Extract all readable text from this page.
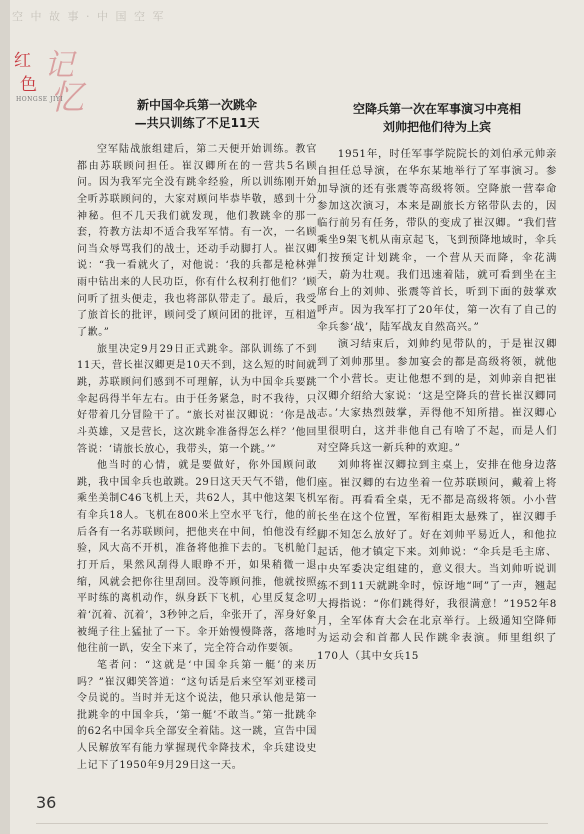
空 中 故 事 · 中 国 空 军
红
色
记
忆
HONGSE JIYI	新中国伞兵第一次跳伞
—共只训练了不足11天

空军陆战旅组建后，第二天便开始训练。教官都由苏联顾问担任。崔汉卿所在的一营共5名顾问。因为我军完全没有跳伞经验，所以训练刚开始全听苏联顾问的，大家对顾问毕恭毕敬，感到十分神秘。但不几天我们就发现，他们教跳伞的那一套，符教方法却不适合我军军情。有一次，一名顾问当众辱骂我们的战士，还动手动脚打人。崔汉卿说：“我一看就火了，对他说：‘我的兵都是枪林弹雨中钻出来的人民功臣，你有什么权利打他们？’顾问听了扭头便走，我也将部队带走了。最后，我受了旅首长的批评，顾问受了顾问团的批评，互相道了歉。”

旅里决定9月29日正式跳伞。部队训练了不到11天，营长崔汉卿更是10天不到，这么短的时间就跳，苏联顾问们感到不可理解，认为中国伞兵要跳伞起码得半年左右。由于任务紧急，时不我待，只好带着几分冒险干了。“旅长对崔汉卿说：‘你是战斗英雄，又是营长，这次跳伞准备得怎么样？’他回答说：‘请旅长放心，我带头，第一个跳。’”

他当时的心情，就是要做好，你外国顾问敢跳，我中国伞兵也敢跳。29日这天天气不错，他们乘坐美制C46飞机上天，共62人，其中他这架飞机有伞兵18人。飞机在800米上空水平飞行，他的前后各有一名苏联顾问，把他夹在中间，怕他没有经验，风大高不开机，准备将他推下去的。飞机舱门打开后，果然风刮得人眼睁不开，如果稍微一退缩，风就会把你往里刮回。没等顾问推，他就按照平时练的离机动作，纵身跃下飞机，心里反复念叨着‘沉着、沉着’，3秒钟之后，伞张开了，浑身好象被绳子往上猛扯了一下。伞开始慢慢降落，落地时他往前一趴，安全下来了，完全符合动作要领。

笔者问：“这就是‘中国伞兵第一艇’的来历吗？”崔汉卿笑答道：“这句话是后来空军刘亚楼司令员说的。当时并无这个说法，他只承认他是第一批跳伞的中国伞兵，‘第一艇’不敢当。”第一批跳伞的62名中国伞兵全部安全着陆。这一跳，宣告中国人民解放军有能力掌握现代伞降技术，伞兵建设史上记下了1950年9月29日这一天。

空降兵第一次在军事演习中亮相
刘帅把他们待为上宾

1951年，时任军事学院院长的刘伯承元帅亲自担任总导演，在华东某地举行了军事演习。参加导演的还有张震等高级将领。空降旅一营奉命参加这次演习，本来是副旅长方铭带队去的，因临行前另有任务，带队的变成了崔汉卿。“我们营乘坐9架飞机从南京起飞，飞到预降地域时，伞兵们按预定计划跳伞，一个营从天而降，伞花满天，蔚为壮观。我们迅速着陆，就可看到坐在主席台上的刘帅、张震等首长，听到下面的鼓掌欢呼声。因为我军打了20年仗，第一次有了自己的伞兵参‘战’，陆军战友自然高兴。”

演习结束后，刘帅约见带队的，于是崔汉卿到了刘帅那里。参加宴会的都是高级将领，就他一个小营长。吏让他想不到的是，刘帅亲自把崔汉卿介绍给大家说：‘这是空降兵的营长崔汉卿同志。’大家热烈鼓掌，弄得他不知所措。崔汉卿心里很明白，这并非他自己有啥了不起，而是人们对空降兵这一新兵种的欢迎。”

刘帅将崔汉卿拉到主桌上，安排在他身边落座。崔汉卿的右边坐着一位苏联顾问，戴着上将军衔。再看看全桌，无不都是高级将领。小小营长坐在这个位置，军衔相距太悬殊了，崔汉卿手脚不知怎么放好了。好在刘帅平易近人，和他拉起话，他才镇定下来。刘帅说：“伞兵是毛主席、中央军委决定组建的，意义很大。当刘帅听说训练不到11天就跳伞时，惊讶地“呵”了一声，翘起大拇指说：“你们跳得好，我很满意！”1952年8月，全军体育大会在北京举行。上级通知空降师为运动会和首都人民作跳伞表演。师里组织了170人（其中女兵15

36
